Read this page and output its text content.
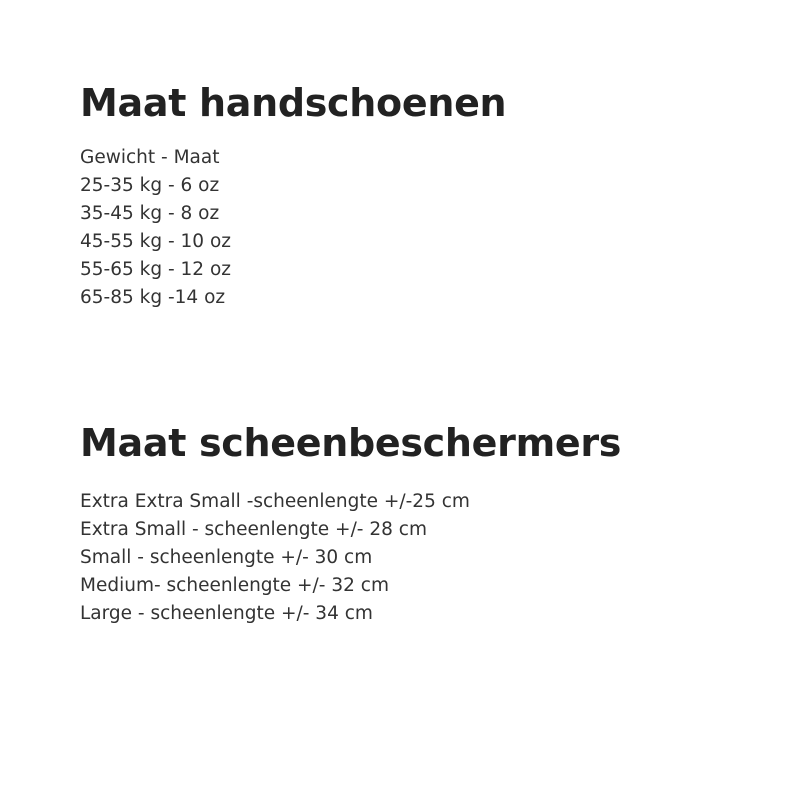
Maat handschoenen
Gewicht - Maat
25-35 kg - 6 oz
35-45 kg - 8 oz
45-55 kg - 10 oz
55-65 kg - 12 oz
65-85 kg -14 oz
Maat scheenbeschermers
Extra Extra Small -scheenlengte +/-25 cm
Extra Small - scheenlengte +/- 28 cm
Small - scheenlengte +/- 30 cm
Medium- scheenlengte +/- 32 cm
Large - scheenlengte +/- 34 cm
